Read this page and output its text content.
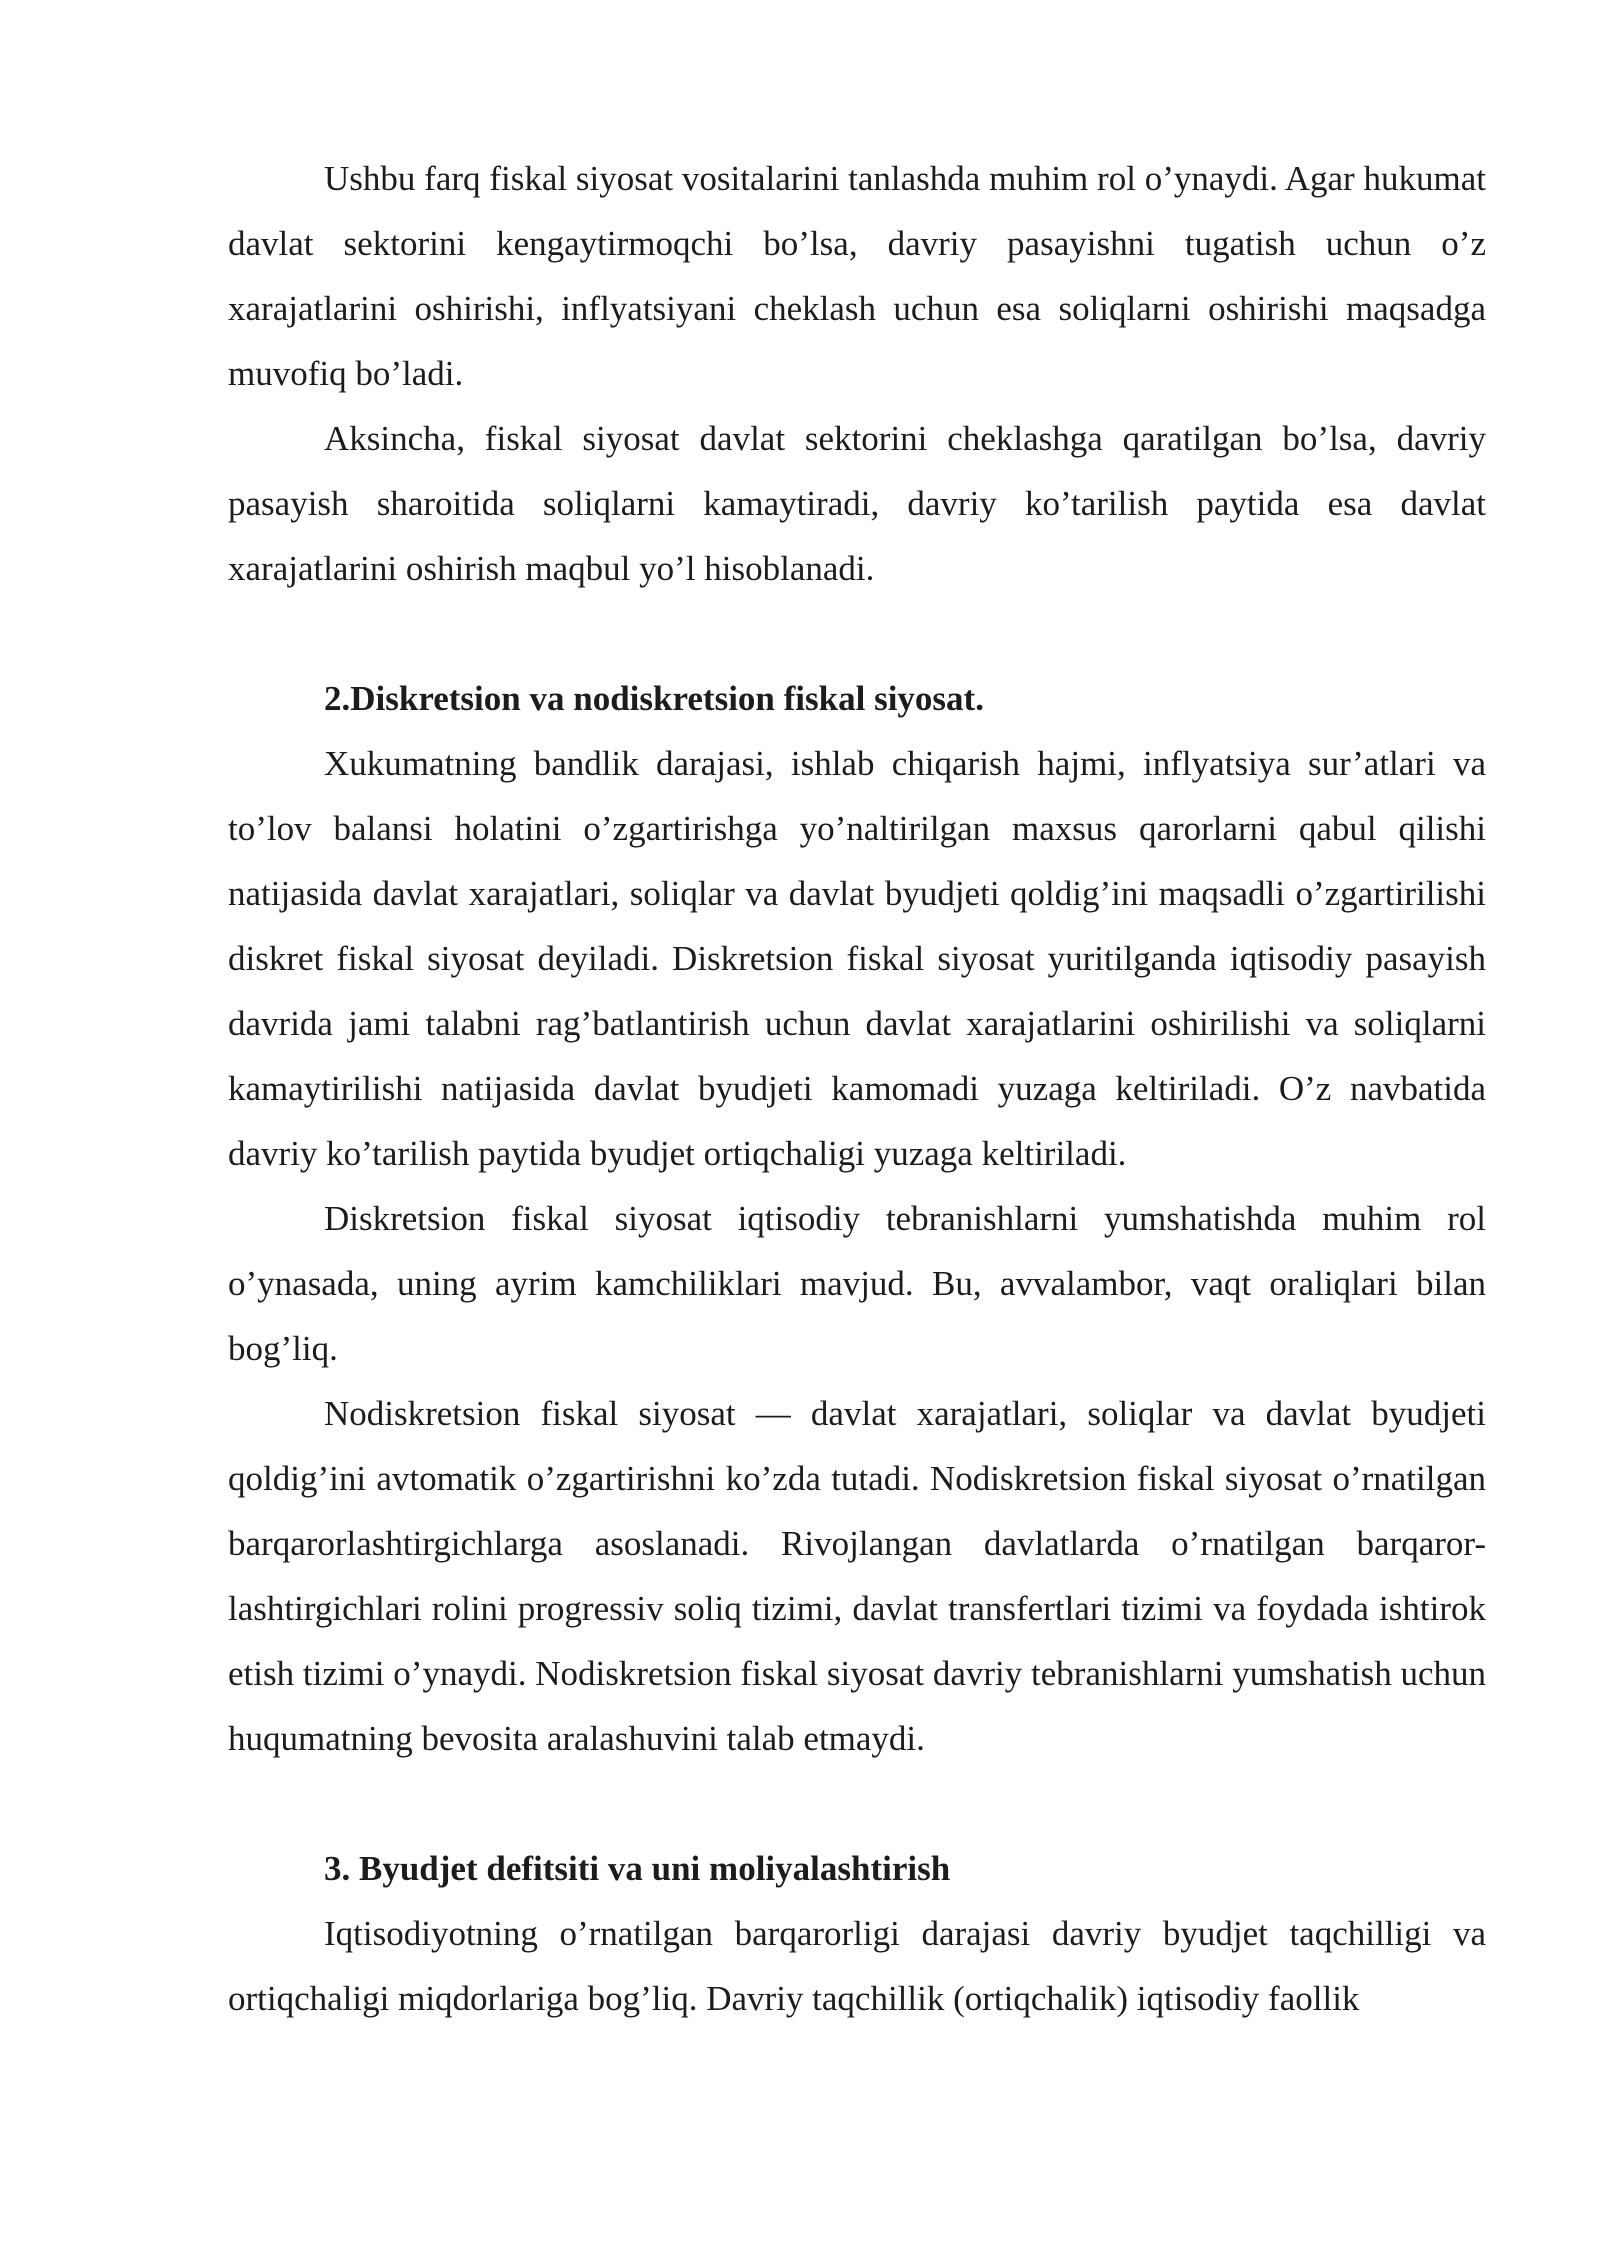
Ushbu farq fiskal siyosat vositalarini tanlashda muhim rol o’ynaydi. Agar hukumat davlat sektorini kengaytirmoqchi bo’lsa, davriy pasayishni tugatish uchun o’z xarajatlarini oshirishi, inflyatsiyani cheklash uchun esa soliqlarni oshirishi maqsadga muvofiq bo’ladi.

Aksincha, fiskal siyosat davlat sektorini cheklashga qaratilgan bo’lsa, davriy pasayish sharoitida soliqlarni kamaytiradi, davriy ko’tarilish paytida esa davlat xarajatlarini oshirish maqbul yo’l hisoblanadi.

2.Diskretsion va nodiskretsion fiskal siyosat.

Xukumatning bandlik darajasi, ishlab chiqarish hajmi, inflyatsiya sur’atlari va to’lov balansi holatini o’zgartirishga yo’naltirilgan maxsus qarorlarni qabul qilishi natijasida davlat xarajatlari, soliqlar va davlat byudjeti qoldig’ini maqsadli o’zgartirilishi diskret fiskal siyosat deyiladi. Diskretsion fiskal siyosat yuritilganda iqtisodiy pasayish davrida jami talabni rag’batlantirish uchun davlat xarajatlarini oshirilishi va soliqlarni kamaytirilishi natijasida davlat byudjeti kamomadi yuzaga keltiriladi. O’z navbatida davriy ko’tarilish paytida byudjet ortiqchaligi yuzaga keltiriladi.

Diskretsion fiskal siyosat iqtisodiy tebranishlarni yumshatishda muhim rol o’ynasada, uning ayrim kamchiliklari mavjud. Bu, avvalambor, vaqt oraliqlari bilan bog’liq.

Nodiskretsion fiskal siyosat — davlat xarajatlari, soliqlar va davlat byudjeti qoldig’ini avtomatik o’zgartirishni ko’zda tutadi. Nodiskretsion fiskal siyosat o’rnatilgan barqarorlashtirgichlarga asoslanadi. Rivojlangan davlatlarda o’rnatilgan barqaror-lashtirgichlari rolini progressiv soliq tizimi, davlat transfertlari tizimi va foydada ishtirok etish tizimi o’ynaydi. Nodiskretsion fiskal siyosat davriy tebranishlarni yumshatish uchun huqumatning bevosita aralashuvini talab etmaydi.

3. Byudjet defitsiti va uni moliyalashtirish

Iqtisodiyotning o’rnatilgan barqarorligi darajasi davriy byudjet taqchilligi va ortiqchaligi miqdorlariga bog’liq. Davriy taqchillik (ortiqchalik) iqtisodiy faollik
